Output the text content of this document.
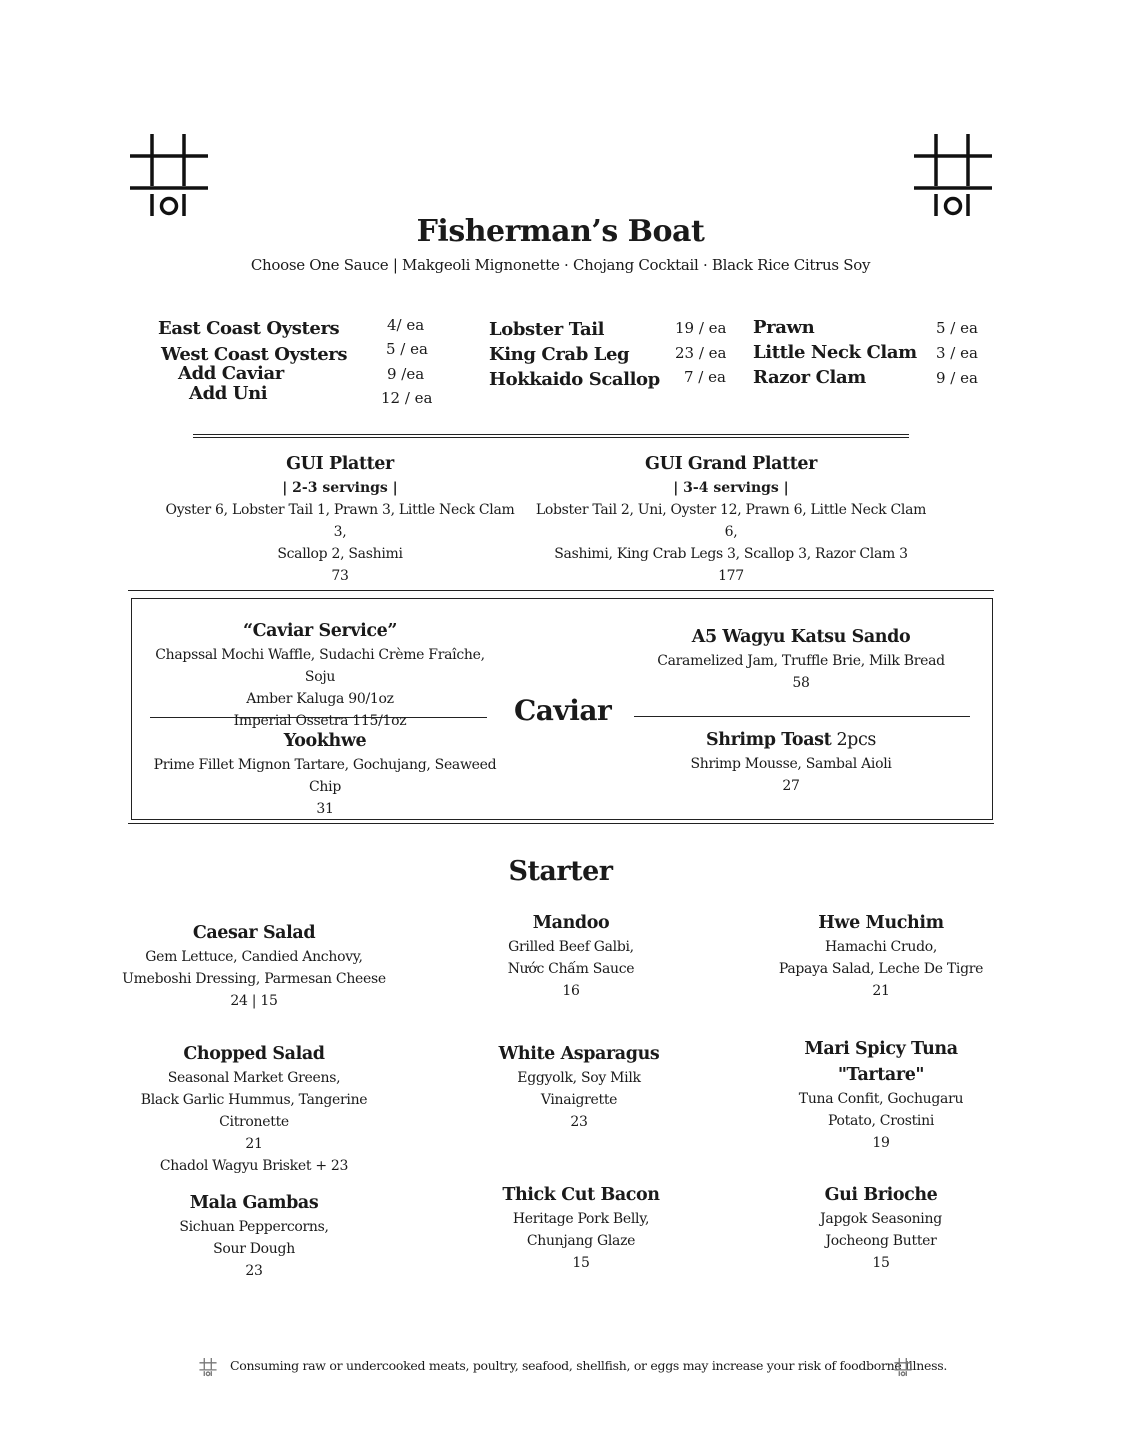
Fisherman’s Boat
Choose One Sauce | Makgeoli Mignonette · Chojang Cocktail · Black Rice Citrus Soy
East Coast Oysters	4/ ea
West Coast Oysters	5 / ea
Add Caviar	9 /ea
Add Uni	12 / ea
Lobster Tail	19 / ea
King Crab Leg	23 / ea
Hokkaido Scallop 7 / ea
Prawn	5 / ea
Little Neck Clam 3 / ea
Razor Clam	9 / ea
GUI Platter
| 2-3 servings |
Oyster 6, Lobster Tail 1, Prawn 3, Little Neck Clam 3,
Scallop 2, Sashimi
73
GUI Grand Platter
| 3-4 servings |
Lobster Tail 2, Uni, Oyster 12, Prawn 6, Little Neck Clam 6,
Sashimi, King Crab Legs 3, Scallop 3, Razor Clam 3
177
“Caviar Service”
Chapssal Mochi Waffle, Sudachi Crème Fraîche, Soju
Amber Kaluga 90/1oz
Imperial Ossetra 115/1oz	Caviar
Yookhwe
Prime Fillet Mignon Tartare, Gochujang, Seaweed Chip
31
A5 Wagyu Katsu Sando
Caramelized Jam, Truffle Brie, Milk Bread
58
Shrimp Toast 2pcs
Shrimp Mousse, Sambal Aioli
27
Starter
Caesar Salad
Gem Lettuce, Candied Anchovy,
Umeboshi Dressing, Parmesan Cheese
24 | 15
Mandoo
Grilled Beef Galbi,
Nước Chấm Sauce
16
Hwe Muchim
Hamachi Crudo,
Papaya Salad, Leche De Tigre
21
Chopped Salad
Seasonal Market Greens,
Black Garlic Hummus, Tangerine Citronette
21
Chadol Wagyu Brisket + 23
White Asparagus
Eggyolk, Soy Milk
Vinaigrette
23
Mari Spicy Tuna
"Tartare"
Tuna Confit, Gochugaru
Potato, Crostini
19
Mala Gambas
Sichuan Peppercorns,
Sour Dough
23
Thick Cut Bacon
Heritage Pork Belly,
Chunjang Glaze
15
Gui Brioche
Japgok Seasoning
Jocheong Butter
15
Consuming raw or undercooked meats, poultry, seafood, shellfish, or eggs may increase your risk of foodborne illness.
